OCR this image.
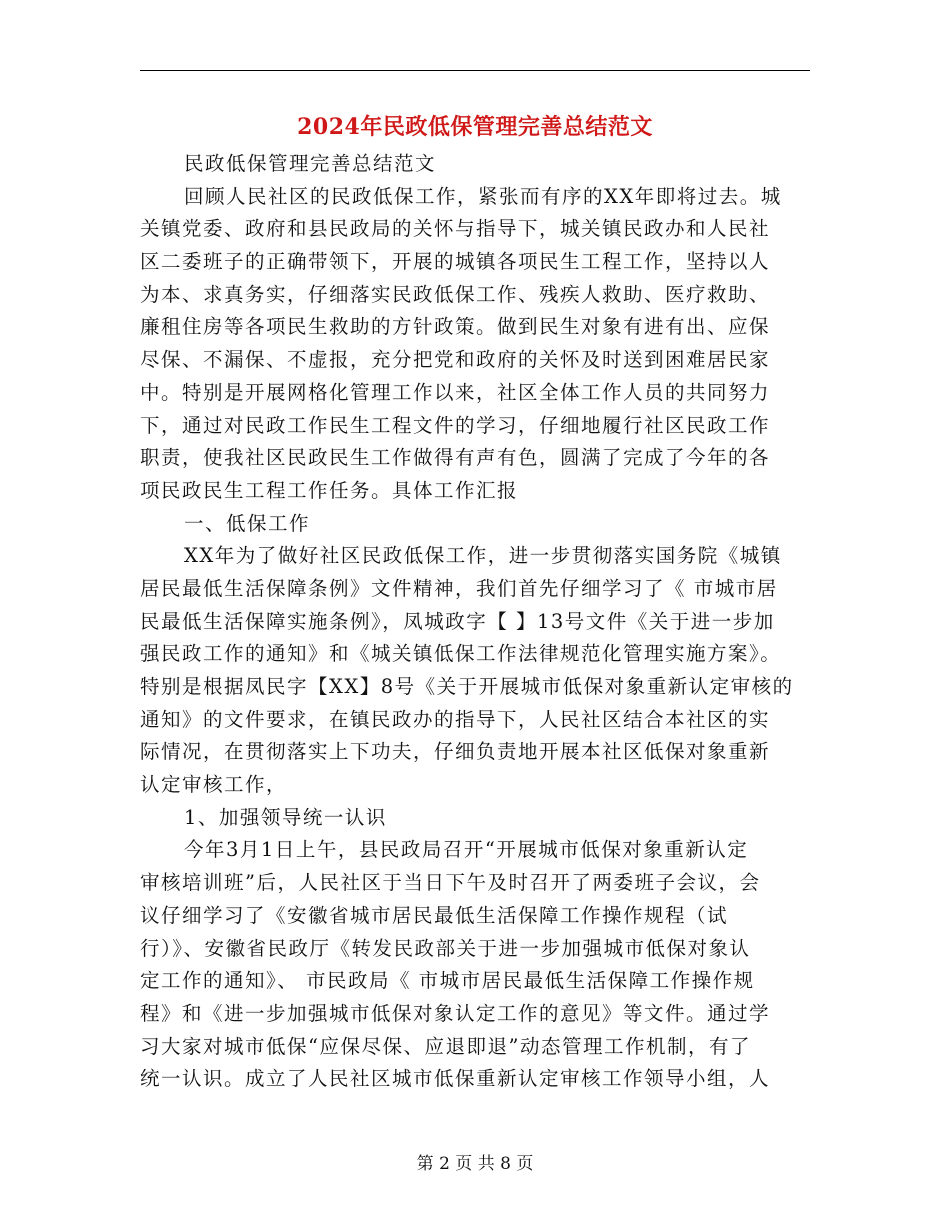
2024年民政低保管理完善总结范文
民政低保管理完善总结范文
回顾人民社区的民政低保工作，紧张而有序的XX年即将过去。城
关镇党委、政府和县民政局的关怀与指导下，城关镇民政办和人民社
区二委班子的正确带领下，开展的城镇各项民生工程工作，坚持以人
为本、求真务实，仔细落实民政低保工作、残疾人救助、医疗救助、
廉租住房等各项民生救助的方针政策。做到民生对象有进有出、应保
尽保、不漏保、不虚报，充分把党和政府的关怀及时送到困难居民家
中。特别是开展网格化管理工作以来，社区全体工作人员的共同努力
下，通过对民政工作民生工程文件的学习，仔细地履行社区民政工作
职责，使我社区民政民生工作做得有声有色，圆满了完成了今年的各
项民政民生工程工作任务。具体工作汇报
一、低保工作
XX年为了做好社区民政低保工作，进一步贯彻落实国务院《城镇
居民最低生活保障条例》文件精神，我们首先仔细学习了《 市城市居
民最低生活保障实施条例》，凤城政字【 】13号文件《关于进一步加
强民政工作的通知》和《城关镇低保工作法律规范化管理实施方案》。
特别是根据凤民字【XX】8号《关于开展城市低保对象重新认定审核的
通知》的文件要求，在镇民政办的指导下，人民社区结合本社区的实
际情况，在贯彻落实上下功夫，仔细负责地开展本社区低保对象重新
认定审核工作，
1、加强领导统一认识
今年3月1日上午，县民政局召开“开展城市低保对象重新认定
审核培训班”后，人民社区于当日下午及时召开了两委班子会议，会
议仔细学习了《安徽省城市居民最低生活保障工作操作规程（试
行）》、安徽省民政厅《转发民政部关于进一步加强城市低保对象认
定工作的通知》、 市民政局《 市城市居民最低生活保障工作操作规
程》和《进一步加强城市低保对象认定工作的意见》等文件。通过学
习大家对城市低保“应保尽保、应退即退”动态管理工作机制，有了
统一认识。成立了人民社区城市低保重新认定审核工作领导小组，人
第 2 页 共 8 页
